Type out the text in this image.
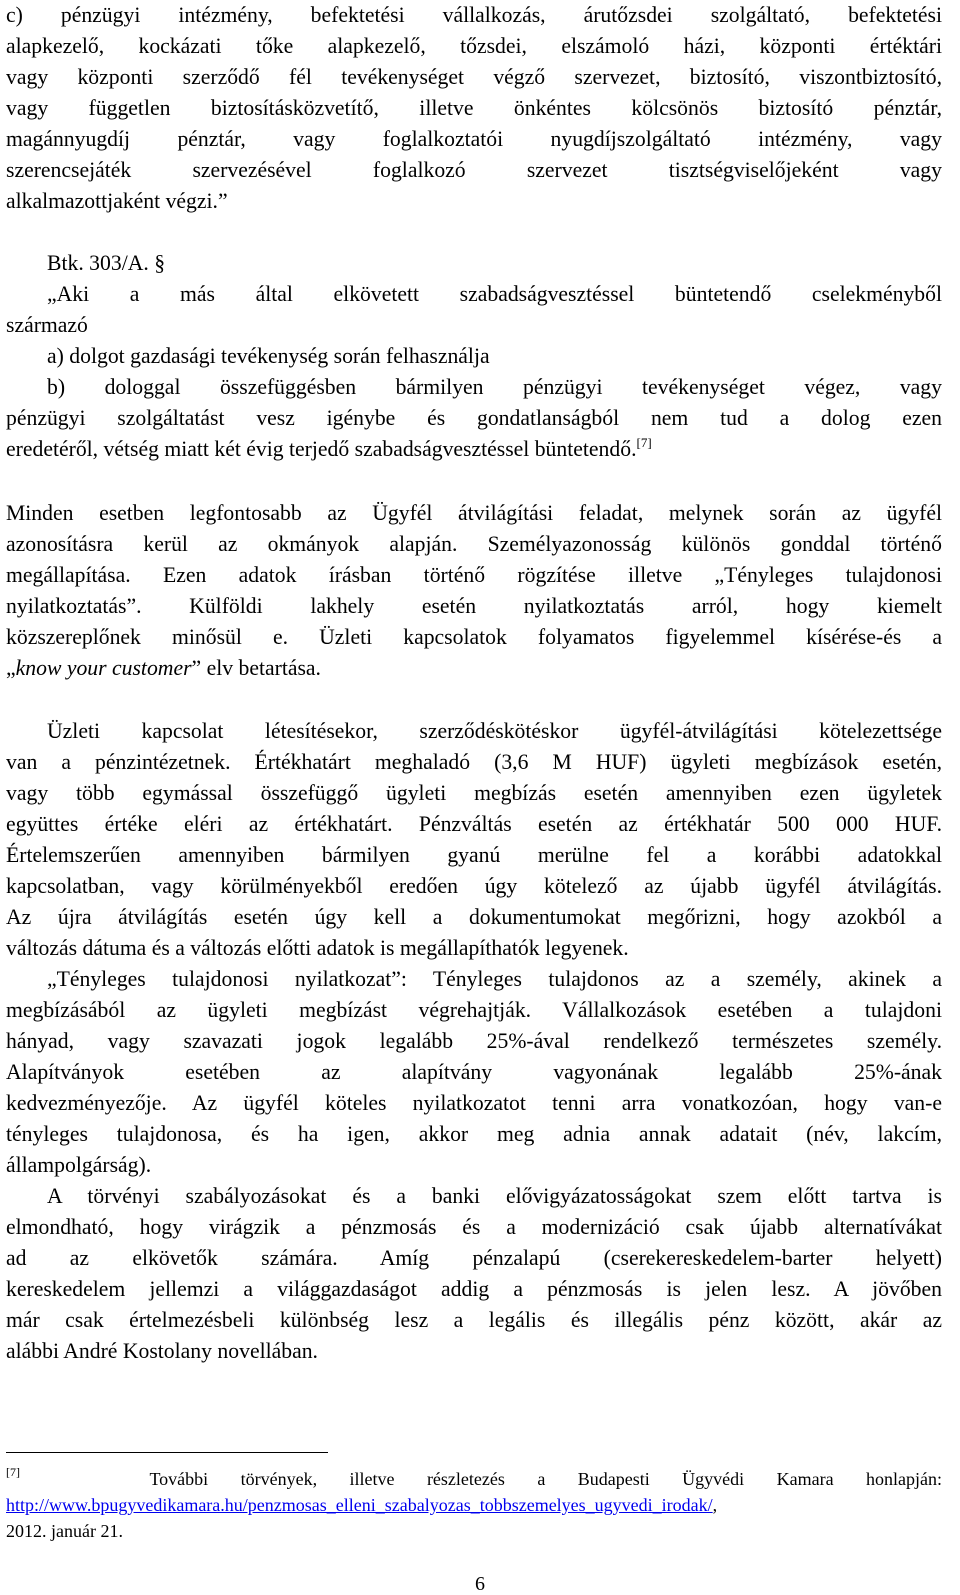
c) pénzügyi intézmény, befektetési vállalkozás, árutőzsdei szolgáltató, befektetési
alapkezelő, kockázati tőke alapkezelő, tőzsdei, elszámoló házi, központi értéktári
vagy központi szerződő fél tevékenységet végző szervezet, biztosító, viszontbiztosító,
vagy független biztosításközvetítő, illetve önkéntes kölcsönös biztosító pénztár,
magánnyugdíj pénztár, vagy foglalkoztatói nyugdíjszolgáltató intézmény, vagy
szerencsejáték szervezésével foglalkozó szervezet tisztségviselőjeként vagy
alkalmazottjaként végzi.”
Btk. 303/A. §
„Aki a más által elkövetett szabadságvesztéssel büntetendő cselekményből
származó
a) dolgot gazdasági tevékenység során felhasználja
b) dologgal összefüggésben bármilyen pénzügyi tevékenységet végez, vagy
pénzügyi szolgáltatást vesz igénybe és gondatlanságból nem tud a dolog ezen
eredetéről, vétség miatt két évig terjedő szabadságvesztéssel büntetendő.[7]
Minden esetben legfontosabb az Ügyfél átvilágítási feladat, melynek során az ügyfél
azonosításra kerül az okmányok alapján. Személyazonosság különös gonddal történő
megállapítása. Ezen adatok írásban történő rögzítése illetve „Tényleges tulajdonosi
nyilatkoztatás”. Külföldi lakhely esetén nyilatkoztatás arról, hogy kiemelt
közszereplőnek minősül e. Üzleti kapcsolatok folyamatos figyelemmel kísérése-és a
„know your customer” elv betartása.
Üzleti kapcsolat létesítésekor, szerződéskötéskor ügyfél-átvilágítási kötelezettsége
van a pénzintézetnek. Értékhatárt meghaladó (3,6 M HUF) ügyleti megbízások esetén,
vagy több egymással összefüggő ügyleti megbízás esetén amennyiben ezen ügyletek
együttes értéke eléri az értékhatárt. Pénzváltás esetén az értékhatár 500 000 HUF.
Értelemszerűen amennyiben bármilyen gyanú merülne fel a korábbi adatokkal
kapcsolatban, vagy körülményekből eredően úgy kötelező az újabb ügyfél átvilágítás.
Az újra átvilágítás esetén úgy kell a dokumentumokat megőrizni, hogy azokból a
változás dátuma és a változás előtti adatok is megállapíthatók legyenek.
„Tényleges tulajdonosi nyilatkozat”: Tényleges tulajdonos az a személy, akinek a
megbízásából az ügyleti megbízást végrehajtják. Vállalkozások esetében a tulajdoni
hányad, vagy szavazati jogok legalább 25%-ával rendelkező természetes személy.
Alapítványok esetében az alapítvány vagyonának legalább 25%-ának
kedvezményezője. Az ügyfél köteles nyilatkozatot tenni arra vonatkozóan, hogy van-e
tényleges tulajdonosa, és ha igen, akkor meg adnia annak adatait (név, lakcím,
állampolgárság).
A törvényi szabályozásokat és a banki elővigyázatosságokat szem előtt tartva is
elmondható, hogy virágzik a pénzmosás és a modernizáció csak újabb alternatívákat
ad az elkövetők számára. Amíg pénzalapú (cserekereskedelem-barter helyett)
kereskedelem jellemzi a világgazdaságot addig a pénzmosás is jelen lesz. A jövőben
már csak értelmezésbeli különbség lesz a legális és illegális pénz között, akár az
alábbi André Kostolany novellában.
[7]	További törvények, illetve részletezés a Budapesti Ügyvédi Kamara honlapján:
http://www.bpugyvedikamara.hu/penzmosas_elleni_szabalyozas_tobbszemelyes_ugyvedi_irodak/,
2012. január 21.
6
